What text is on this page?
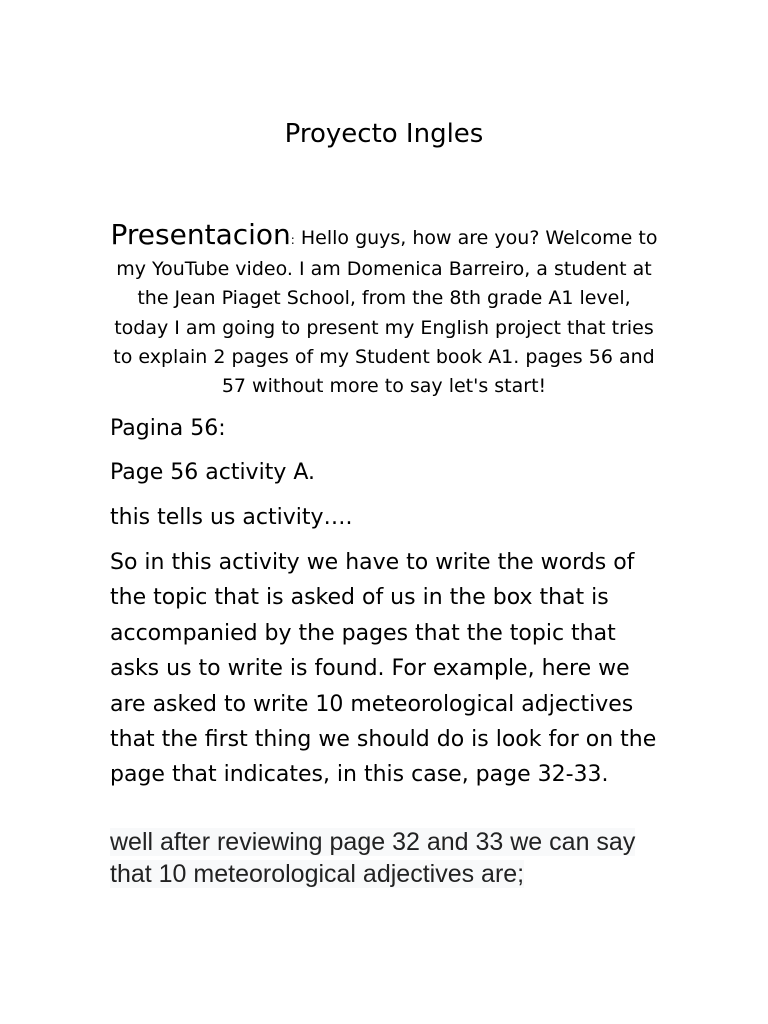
Proyecto Ingles

Presentacion: Hello guys, how are you? Welcome to my YouTube video. I am Domenica Barreiro, a student at the Jean Piaget School, from the 8th grade A1 level, today I am going to present my English project that tries to explain 2 pages of my Student book A1. pages 56 and 57 without more to say let's start!

Pagina 56:

Page 56 activity A.

this tells us activity….

So in this activity we have to write the words of the topic that is asked of us in the box that is accompanied by the pages that the topic that asks us to write is found. For example, here we are asked to write 10 meteorological adjectives that the first thing we should do is look for on the page that indicates, in this case, page 32-33.

well after reviewing page 32 and 33 we can say that 10 meteorological adjectives are;
